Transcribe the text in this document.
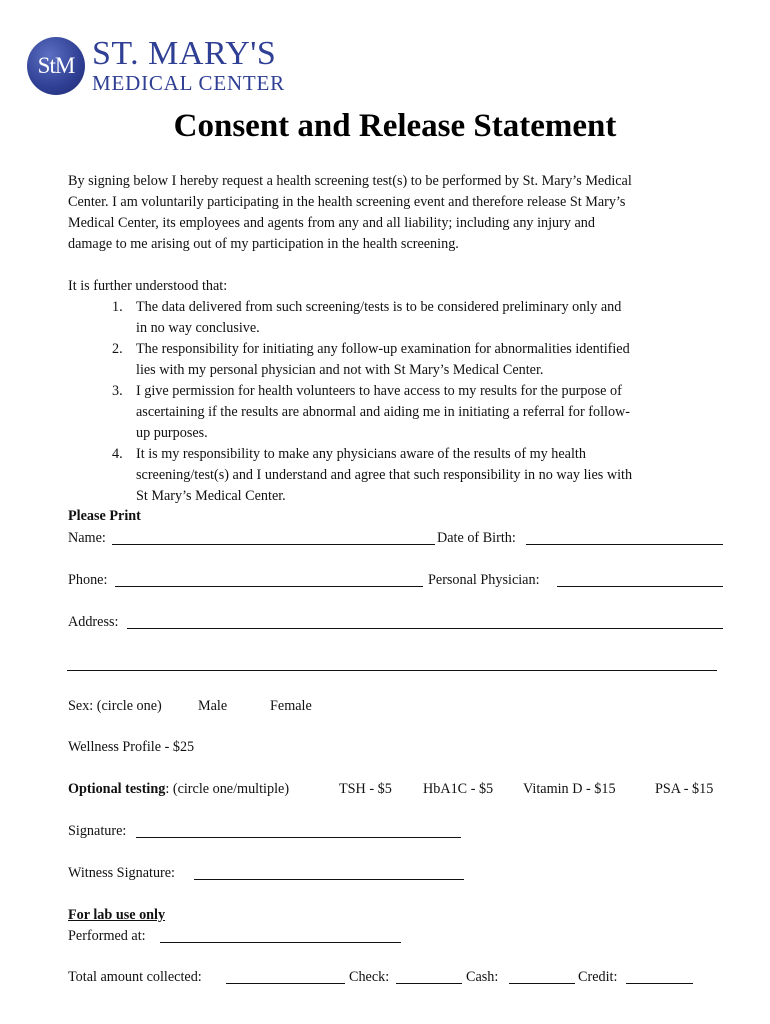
StM ST. MARY'S
MEDICAL CENTER
Consent and Release Statement
By signing below I hereby request a health screening test(s) to be performed by St. Mary’s Medical
Center. I am voluntarily participating in the health screening event and therefore release St Mary’s
Medical Center, its employees and agents from any and all liability; including any injury and
damage to me arising out of my participation in the health screening.
It is further understood that:
1. The data delivered from such screening/tests is to be considered preliminary only and
in no way conclusive.
2. The responsibility for initiating any follow-up examination for abnormalities identified
lies with my personal physician and not with St Mary’s Medical Center.
3. I give permission for health volunteers to have access to my results for the purpose of
ascertaining if the results are abnormal and aiding me in initiating a referral for follow-
up purposes.
4. It is my responsibility to make any physicians aware of the results of my health
screening/test(s) and I understand and agree that such responsibility in no way lies with
St Mary’s Medical Center.
Please Print
Name:	Date of Birth:
Phone:	Personal Physician:
Address:
Sex: (circle one)	Male	Female
Wellness Profile - $25
Optional testing: (circle one/multiple)	TSH - $5 HbA1C - $5 Vitamin D - $15	PSA - $15
Signature:
Witness Signature:
For lab use only
Performed at:
Total amount collected:	Check:	Cash:	Credit:
